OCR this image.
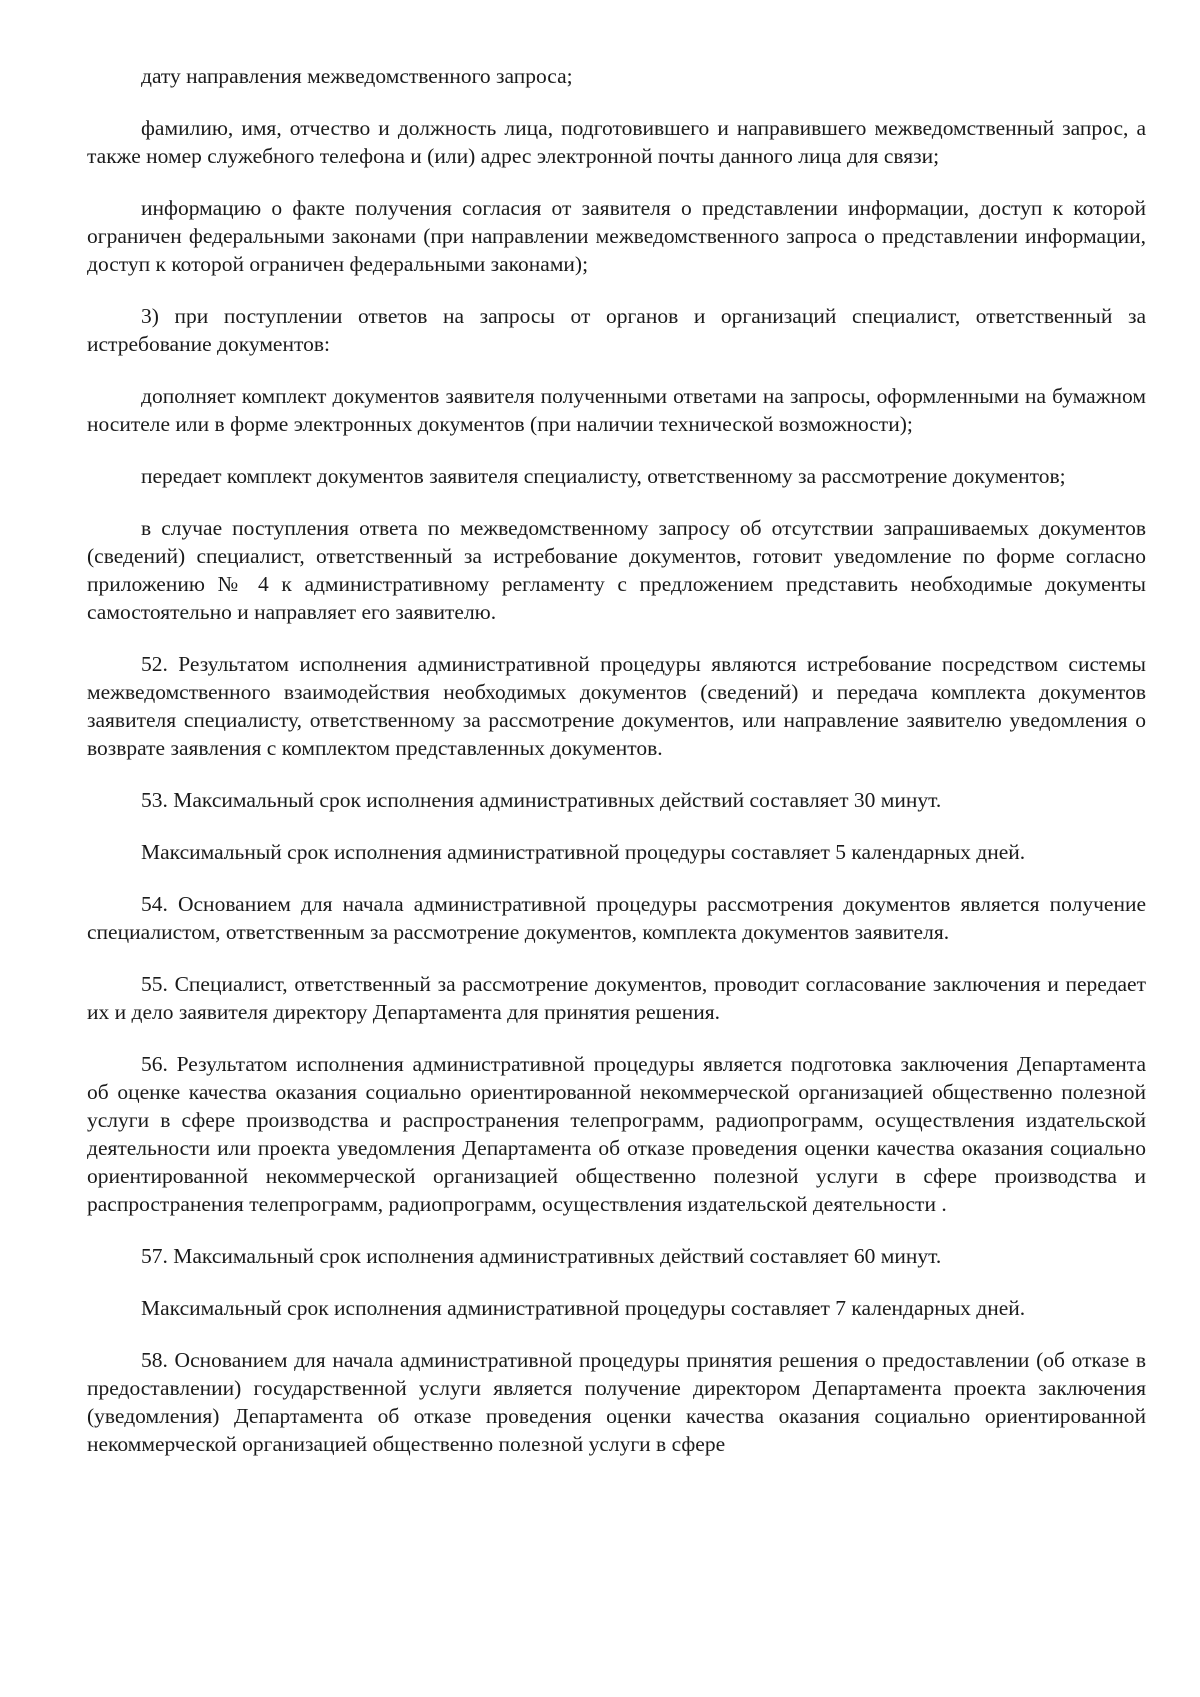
дату направления межведомственного запроса;

фамилию, имя, отчество и должность лица, подготовившего и направившего межведомственный запрос, а также номер служебного телефона и (или) адрес электронной почты данного лица для связи;

информацию о факте получения согласия от заявителя о представлении информации, доступ к которой ограничен федеральными законами (при направлении межведомственного запроса о представлении информации, доступ к которой ограничен федеральными законами);

3) при поступлении ответов на запросы от органов и организаций специалист, ответственный за истребование документов:

дополняет комплект документов заявителя полученными ответами на запросы, оформленными на бумажном носителе или в форме электронных документов (при наличии технической возможности);

передает комплект документов заявителя специалисту, ответственному за рассмотрение документов;

в случае поступления ответа по межведомственному запросу об отсутствии запрашиваемых документов (сведений) специалист, ответственный за истребование документов, готовит уведомление по форме согласно приложению № 4 к административному регламенту с предложением представить необходимые документы самостоятельно и направляет его заявителю.

52. Результатом исполнения административной процедуры являются истребование посредством системы межведомственного взаимодействия необходимых документов (сведений) и передача комплекта документов заявителя специалисту, ответственному за рассмотрение документов, или направление заявителю уведомления о возврате заявления с комплектом представленных документов.

53. Максимальный срок исполнения административных действий составляет 30 минут.

Максимальный срок исполнения административной процедуры составляет 5 календарных дней.

54. Основанием для начала административной процедуры рассмотрения документов является получение специалистом, ответственным за рассмотрение документов, комплекта документов заявителя.

55. Специалист, ответственный за рассмотрение документов, проводит согласование заключения и передает их и дело заявителя директору Департамента для принятия решения.

56. Результатом исполнения административной процедуры является подготовка заключения Департамента об оценке качества оказания социально ориентированной некоммерческой организацией общественно полезной услуги в сфере производства и распространения телепрограмм, радиопрограмм, осуществления издательской деятельности или проекта уведомления Департамента об отказе проведения оценки качества оказания социально ориентированной некоммерческой организацией общественно полезной услуги в сфере производства и распространения телепрограмм, радиопрограмм, осуществления издательской деятельности .

57. Максимальный срок исполнения административных действий составляет 60 минут.

Максимальный срок исполнения административной процедуры составляет 7 календарных дней.

58. Основанием для начала административной процедуры принятия решения о предоставлении (об отказе в предоставлении) государственной услуги является получение директором Департамента проекта заключения (уведомления) Департамента об отказе проведения оценки качества оказания социально ориентированной некоммерческой организацией общественно полезной услуги в сфере
